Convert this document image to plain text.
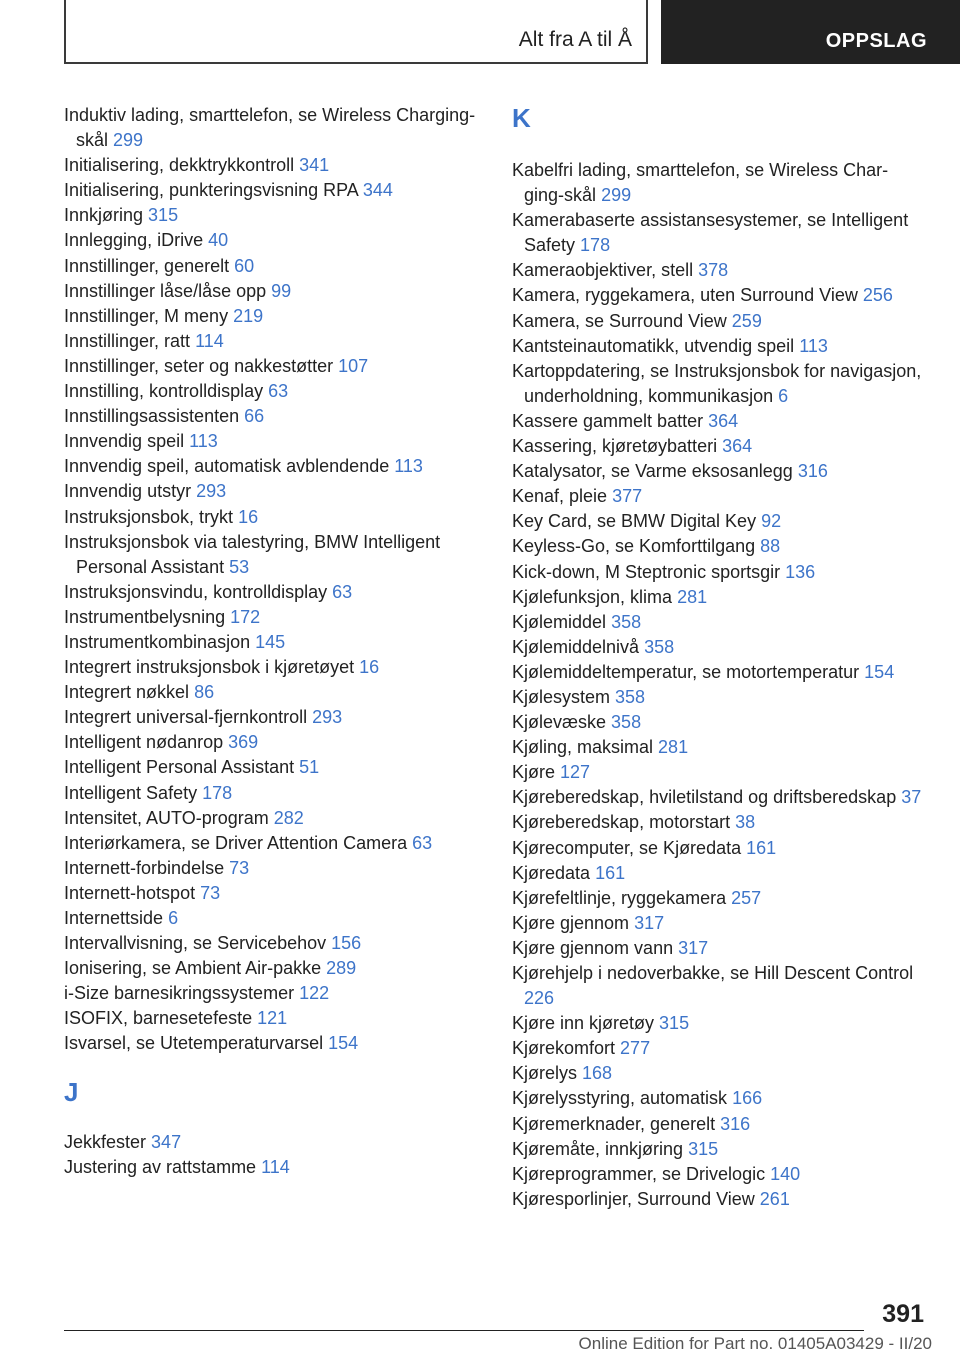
Alt fra A til Å	OPPSLAG
Induktiv lading, smarttelefon, se Wireless Charging-skål 299
Initialisering, dekktrykkontroll 341
Initialisering, punkteringsvisning RPA 344
Innkjøring 315
Innlegging, iDrive 40
Innstillinger, generelt 60
Innstillinger låse/låse opp 99
Innstillinger, M meny 219
Innstillinger, ratt 114
Innstillinger, seter og nakkestøtter 107
Innstilling, kontrolldisplay 63
Innstillingsassistenten 66
Innvendig speil 113
Innvendig speil, automatisk avblendende 113
Innvendig utstyr 293
Instruksjonsbok, trykt 16
Instruksjonsbok via talestyring, BMW Intelligent Personal Assistant 53
Instruksjonsvindu, kontrolldisplay 63
Instrumentbelysning 172
Instrumentkombinasjon 145
Integrert instruksjonsbok i kjøretøyet 16
Integrert nøkkel 86
Integrert universal-fjernkontroll 293
Intelligent nødanrop 369
Intelligent Personal Assistant 51
Intelligent Safety 178
Intensitet, AUTO-program 282
Interiørkamera, se Driver Attention Camera 63
Internett-forbindelse 73
Internett-hotspot 73
Internettside 6
Intervallvisning, se Servicebehov 156
Ionisering, se Ambient Air-pakke 289
i-Size barnesikringssystemer 122
ISOFIX, barnesetefeste 121
Isvarsel, se Utetemperaturvarsel 154
J
Jekkfester 347
Justering av rattstamme 114
K
Kabelfri lading, smarttelefon, se Wireless Charging-skål 299
Kamerabaserte assistansesystemer, se Intelligent Safety 178
Kameraobjektiver, stell 378
Kamera, ryggekamera, uten Surround View 256
Kamera, se Surround View 259
Kantsteinautomatikk, utvendig speil 113
Kartoppdatering, se Instruksjonsbok for navigasjon, underholdning, kommunikasjon 6
Kassere gammelt batter 364
Kassering, kjøretøybatteri 364
Katalysator, se Varme eksosanlegg 316
Kenaf, pleie 377
Key Card, se BMW Digital Key 92
Keyless-Go, se Komforttilgang 88
Kick-down, M Steptronic sportsgir 136
Kjølefunksjon, klima 281
Kjølemiddel 358
Kjølemiddelnivå 358
Kjølemiddeltemperatur, se motortemperatur 154
Kjølesystem 358
Kjølevæske 358
Kjøling, maksimal 281
Kjøre 127
Kjøreberedskap, hviletilstand og driftsberedskap 37
Kjøreberedskap, motorstart 38
Kjørecomputer, se Kjøredata 161
Kjøredata 161
Kjørefeltlinje, ryggekamera 257
Kjøre gjennom 317
Kjøre gjennom vann 317
Kjørehjelp i nedoverbakke, se Hill Descent Control 226
Kjøre inn kjøretøy 315
Kjørekomfort 277
Kjørelys 168
Kjørelysstyring, automatisk 166
Kjøremerknader, generelt 316
Kjøremåte, innkjøring 315
Kjøreprogrammer, se Drivelogic 140
Kjøresporlinjer, Surround View 261
391
Online Edition for Part no. 01405A03429 - II/20
